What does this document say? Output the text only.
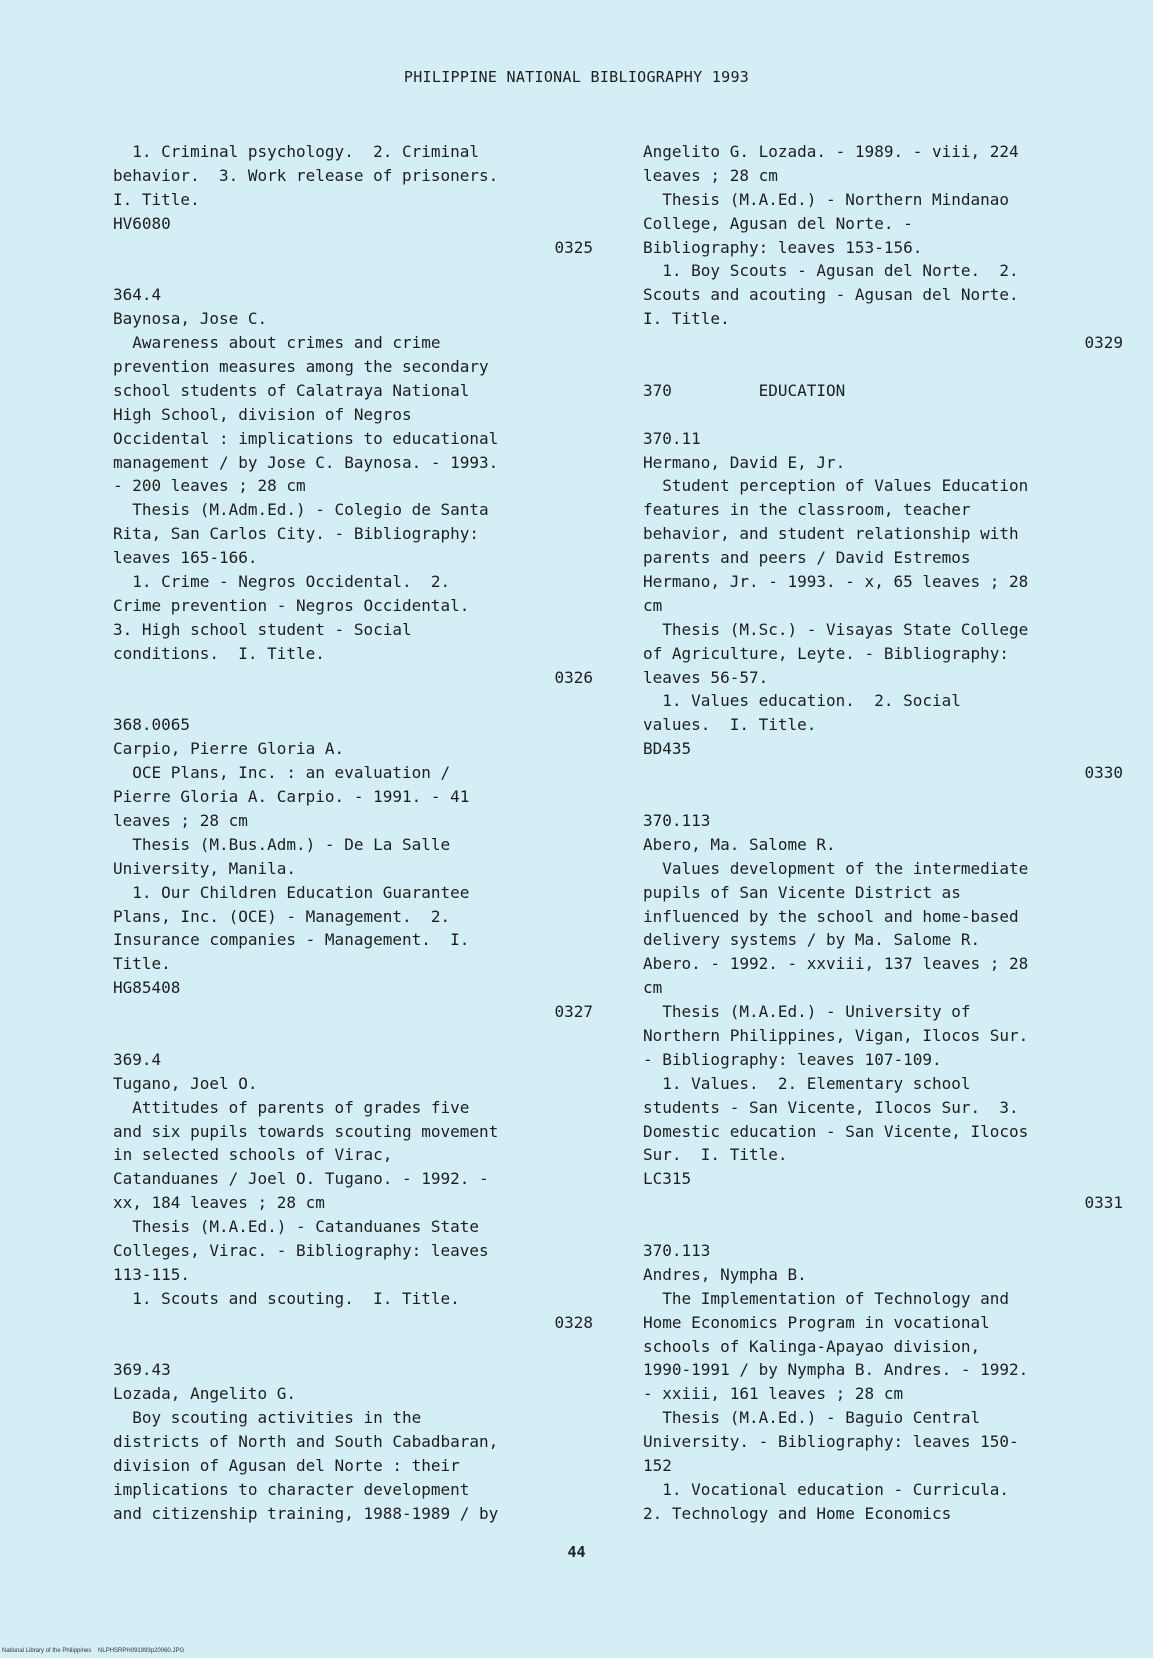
PHILIPPINE NATIONAL BIBLIOGRAPHY 1993
1. Criminal psychology.  2. Criminal
behavior.  3. Work release of prisoners.
I. Title.
HV6080
0325
364.4
Baynosa, Jose C.
Awareness about crimes and crime
prevention measures among the secondary
school students of Calatraya National
High School, division of Negros
Occidental : implications to educational
management / by Jose C. Baynosa. - 1993.
- 200 leaves ; 28 cm
Thesis (M.Adm.Ed.) - Colegio de Santa
Rita, San Carlos City. - Bibliography:
leaves 165-166.
1. Crime - Negros Occidental.  2.
Crime prevention - Negros Occidental.
3. High school student - Social
conditions.  I. Title.
0326
368.0065
Carpio, Pierre Gloria A.
OCE Plans, Inc. : an evaluation /
Pierre Gloria A. Carpio. - 1991. - 41
leaves ; 28 cm
Thesis (M.Bus.Adm.) - De La Salle
University, Manila.
1. Our Children Education Guarantee
Plans, Inc. (OCE) - Management.  2.
Insurance companies - Management.  I.
Title.
HG85408
0327
369.4
Tugano, Joel O.
Attitudes of parents of grades five
and six pupils towards scouting movement
in selected schools of Virac,
Catanduanes / Joel O. Tugano. - 1992. -
xx, 184 leaves ; 28 cm
Thesis (M.A.Ed.) - Catanduanes State
Colleges, Virac. - Bibliography: leaves
113-115.
1. Scouts and scouting.  I. Title.
0328
369.43
Lozada, Angelito G.
Boy scouting activities in the
districts of North and South Cabadbaran,
division of Agusan del Norte : their
implications to character development
and citizenship training, 1988-1989 / by
Angelito G. Lozada. - 1989. - viii, 224
leaves ; 28 cm
Thesis (M.A.Ed.) - Northern Mindanao
College, Agusan del Norte. -
Bibliography: leaves 153-156.
1. Boy Scouts - Agusan del Norte.  2.
Scouts and acouting - Agusan del Norte.
I. Title.
0329
370         EDUCATION
370.11
Hermano, David E, Jr.
Student perception of Values Education
features in the classroom, teacher
behavior, and student relationship with
parents and peers / David Estremos
Hermano, Jr. - 1993. - x, 65 leaves ; 28
cm
Thesis (M.Sc.) - Visayas State College
of Agriculture, Leyte. - Bibliography:
leaves 56-57.
1. Values education.  2. Social
values.  I. Title.
BD435
0330
370.113
Abero, Ma. Salome R.
Values development of the intermediate
pupils of San Vicente District as
influenced by the school and home-based
delivery systems / by Ma. Salome R.
Abero. - 1992. - xxviii, 137 leaves ; 28
cm
Thesis (M.A.Ed.) - University of
Northern Philippines, Vigan, Ilocos Sur.
- Bibliography: leaves 107-109.
1. Values.  2. Elementary school
students - San Vicente, Ilocos Sur.  3.
Domestic education - San Vicente, Ilocos
Sur.  I. Title.
LC315
0331
370.113
Andres, Nympha B.
The Implementation of Technology and
Home Economics Program in vocational
schools of Kalinga-Apayao division,
1990-1991 / by Nympha B. Andres. - 1992.
- xxiii, 161 leaves ; 28 cm
Thesis (M.A.Ed.) - Baguio Central
University. - Bibliography: leaves 150-
152
1. Vocational education - Curricula.
2. Technology and Home Economics
44
National Library of the Philippines    NLPHSRPH091993p20060.JPG
